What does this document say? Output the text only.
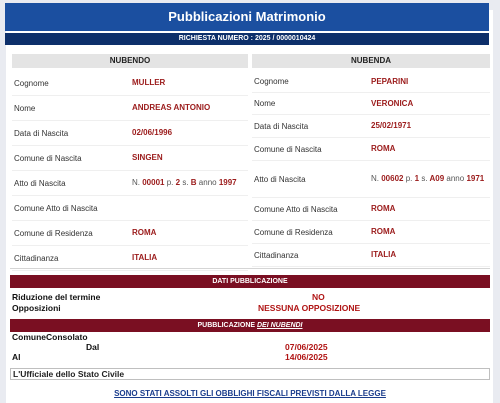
Pubblicazioni Matrimonio
RICHIESTA NUMERO : 2025 / 0000010424
NUBENDO	NUBENDA
Cognome	MULLER
Nome	ANDREAS ANTONIO
Data di Nascita	02/06/1996
Comune di Nascita	SINGEN
Atto di Nascita	N. 00001 p. 2 s. B anno 1997
Comune Atto di Nascita
Comune di Residenza	ROMA
Cittadinanza	ITALIA
Cognome	PEPARINI
Nome	VERONICA
Data di Nascita	25/02/1971
Comune di Nascita	ROMA
Atto di Nascita	N. 00602 p. 1 s. A09 anno 1971
Comune Atto di Nascita	ROMA
Comune di Residenza	ROMA
Cittadinanza	ITALIA
DATI PUBBLICAZIONE
Riduzione del termine	NO
Opposizioni	NESSUNA OPPOSIZIONE
PUBBLICAZIONE DEI NUBENDI
ComuneConsolato
Dal	07/06/2025
Al	14/06/2025
L'Ufficiale dello Stato Civile
SONO STATI ASSOLTI GLI OBBLIGHI FISCALI PREVISTI DALLA LEGGE
